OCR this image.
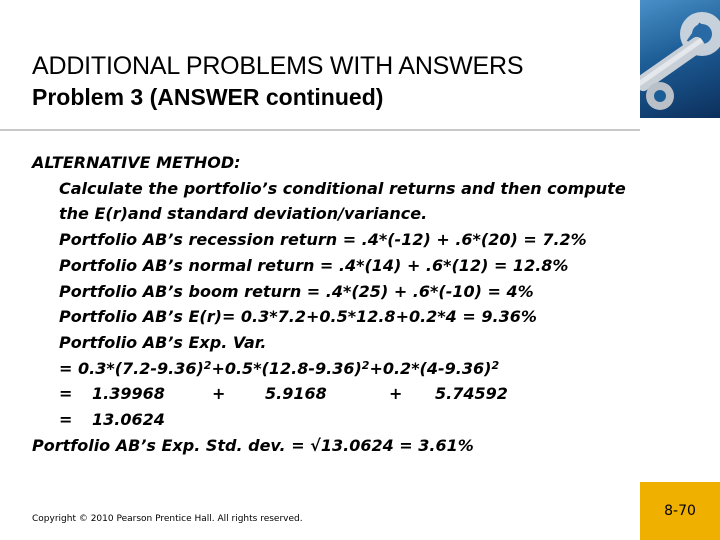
ADDITIONAL PROBLEMS WITH ANSWERS
Problem 3 (ANSWER continued)
ALTERNATIVE METHOD:
Calculate the portfolio’s conditional returns and then compute
the E(r)and standard deviation/variance.
Portfolio AB’s recession return = .4*(-12) + .6*(20) = 7.2%
Portfolio AB’s normal return = .4*(14) + .6*(12) = 12.8%
Portfolio AB’s boom return = .4*(25) + .6*(-10) = 4%
Portfolio AB’s E(r)= 0.3*7.2+0.5*12.8+0.2*4 = 9.36%
Portfolio AB’s Exp. Var.
= $0.3*(7.2-9.36)^2+0.5*(12.8-9.36)^2+0.2*(4-9.36)^2$
= 1.39968	+ 5.9168	+ 5.74592
= 13.0624
Portfolio AB’s Exp. Std. dev. = √13.0624 = 3.61%
Copyright © 2010 Pearson Prentice Hall. All rights reserved.	8-70
